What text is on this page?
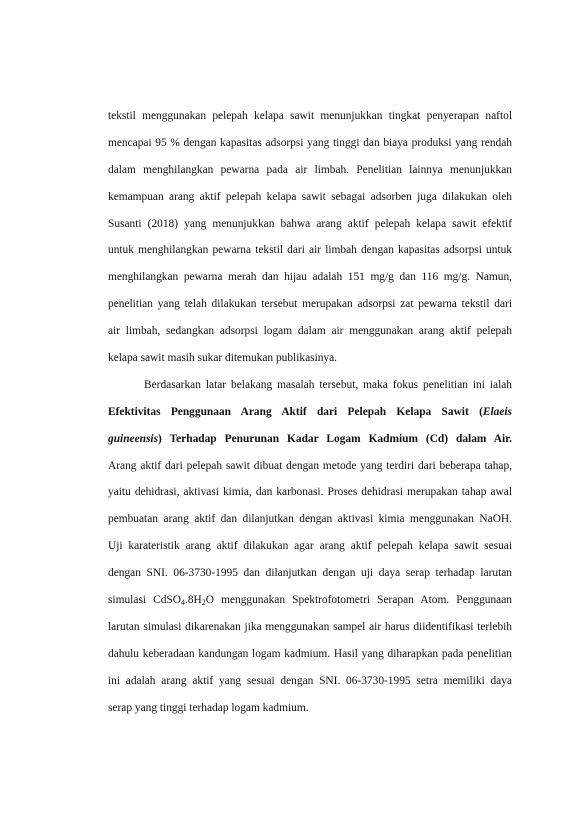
tekstil menggunakan pelepah kelapa sawit menunjukkan tingkat penyerapan naftol
mencapai 95 % dengan kapasitas adsorpsi yang tinggi dan biaya produksi yang rendah
dalam menghilangkan pewarna pada air limbah. Penelitian lainnya menunjukkan
kemampuan arang aktif pelepah kelapa sawit sebagai adsorben juga dilakukan oleh
Susanti (2018) yang menunjukkan bahwa arang aktif pelepah kelapa sawit efektif
untuk menghilangkan pewarna tekstil dari air limbah dengan kapasitas adsorpsi untuk
menghilangkan pewarna merah dan hijau adalah 151 mg/g dan 116 mg/g. Namun,
penelitian yang telah dilakukan tersebut merupakan adsorpsi zat pewarna tekstil dari
air limbah, sedangkan adsorpsi logam dalam air menggunakan arang aktif pelepah
kelapa sawit masih sukar ditemukan publikasinya.
Berdasarkan latar belakang masalah tersebut, maka fokus penelitian ini ialah
Efektivitas Penggunaan Arang Aktif dari Pelepah Kelapa Sawit (Elaeis
guineensis) Terhadap Penurunan Kadar Logam Kadmium (Cd) dalam Air.
Arang aktif dari pelepah sawit dibuat dengan metode yang terdiri dari beberapa tahap,
yaitu dehidrasi, aktivasi kimia, dan karbonasi. Proses dehidrasi merupakan tahap awal
pembuatan arang aktif dan dilanjutkan dengan aktivasi kimia menggunakan NaOH.
Uji karateristik arang aktif dilakukan agar arang aktif pelepah kelapa sawit sesuai
dengan SNI. 06-3730-1995 dan dilanjutkan dengan uji daya serap terhadap larutan
simulasi $CdSO_4.8H_2O$ menggunakan Spektrofotometri Serapan Atom. Penggunaan
larutan simulasi dikarenakan jika menggunakan sampel air harus diidentifikasi terlebih
dahulu keberadaan kandungan logam kadmium. Hasil yang diharapkan pada penelitian
ini adalah arang aktif yang sesuai dengan SNI. 06-3730-1995 setra memiliki daya
serap yang tinggi terhadap logam kadmium.
